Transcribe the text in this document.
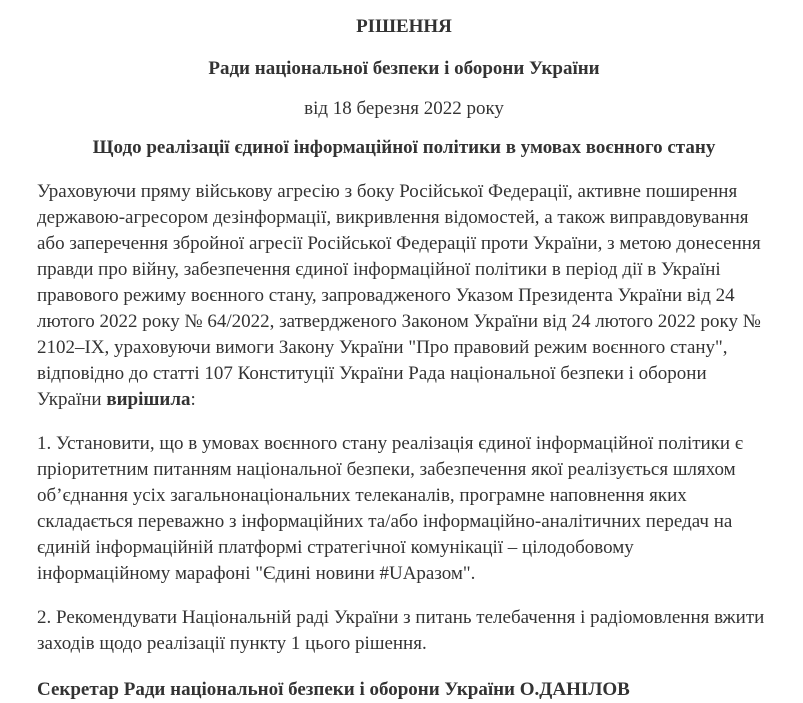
РІШЕННЯ
Ради національної безпеки і оборони України

від 18 березня 2022 року

Щодо реалізації єдиної інформаційної політики в умовах воєнного стану

Ураховуючи пряму військову агресію з боку Російської Федерації, активне поширення державою-агресором дезінформації, викривлення відомостей, а також виправдовування або заперечення збройної агресії Російської Федерації проти України, з метою донесення правди про війну, забезпечення єдиної інформаційної політики в період дії в Україні правового режиму воєнного стану, запровадженого Указом Президента України від 24 лютого 2022 року № 64/2022, затвердженого Законом України від 24 лютого 2022 року № 2102–IX, ураховуючи вимоги Закону України "Про правовий режим воєнного стану", відповідно до статті 107 Конституції України Рада національної безпеки і оборони України вирішила:

1. Установити, що в умовах воєнного стану реалізація єдиної інформаційної політики є пріоритетним питанням національної безпеки, забезпечення якої реалізується шляхом об’єднання усіх загальнонаціональних телеканалів, програмне наповнення яких складається переважно з інформаційних та/або інформаційно-аналітичних передач на єдиній інформаційній платформі стратегічної комунікації – цілодобовому інформаційному марафоні "Єдині новини #UAразом".

2. Рекомендувати Національній раді України з питань телебачення і радіомовлення вжити заходів щодо реалізації пункту 1 цього рішення.

Секретар Ради національної безпеки і оборони України О.ДАНІЛОВ
